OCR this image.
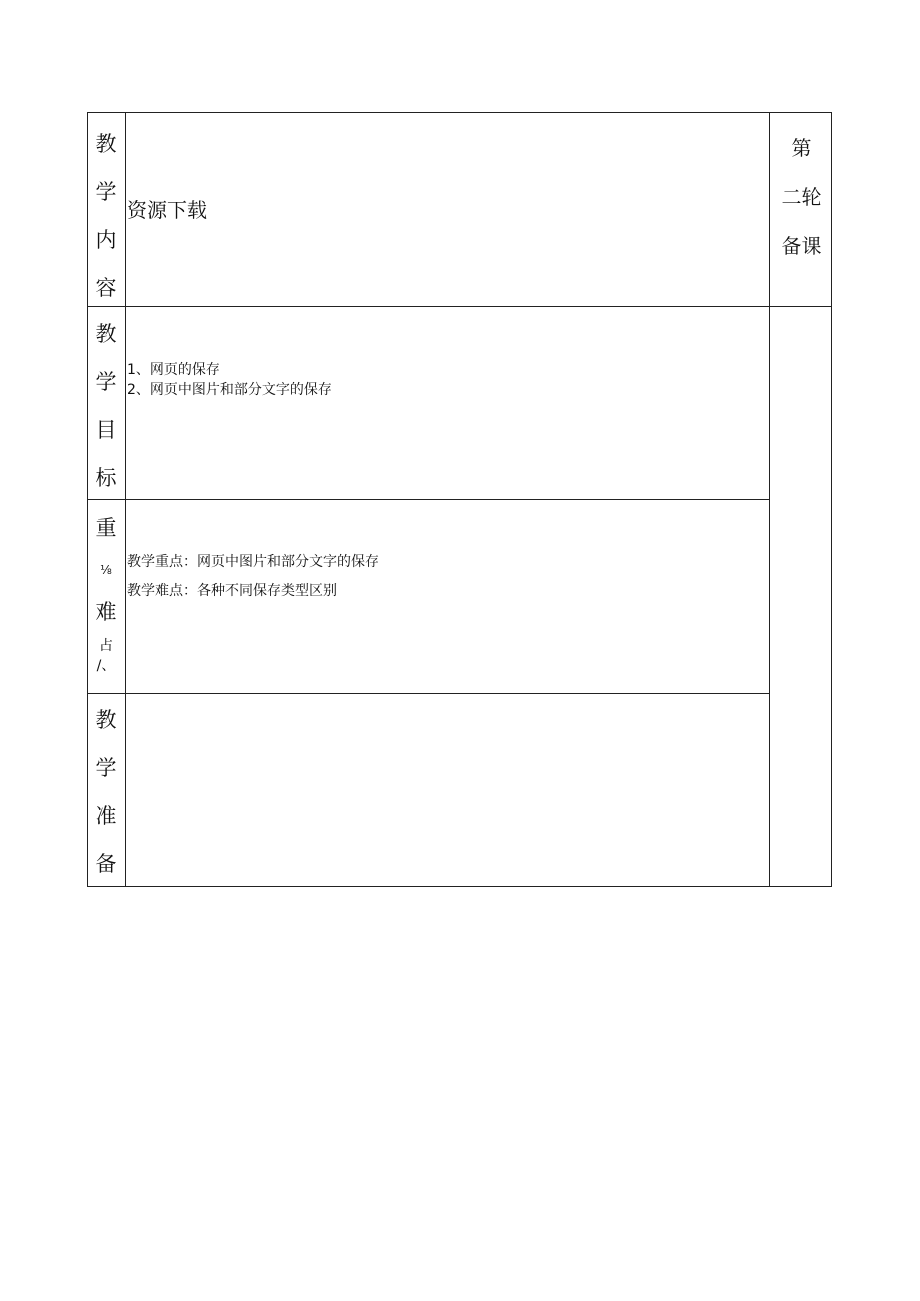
教
学
内
容
资源下载
教
学
目
标
1、网页的保存
2、网页中图片和部分文字的保存
重
⅛
难
占
/、
教学重点：网页中图片和部分文字的保存
教学难点：各种不同保存类型区别
教
学
准
备
第
二轮
备课
